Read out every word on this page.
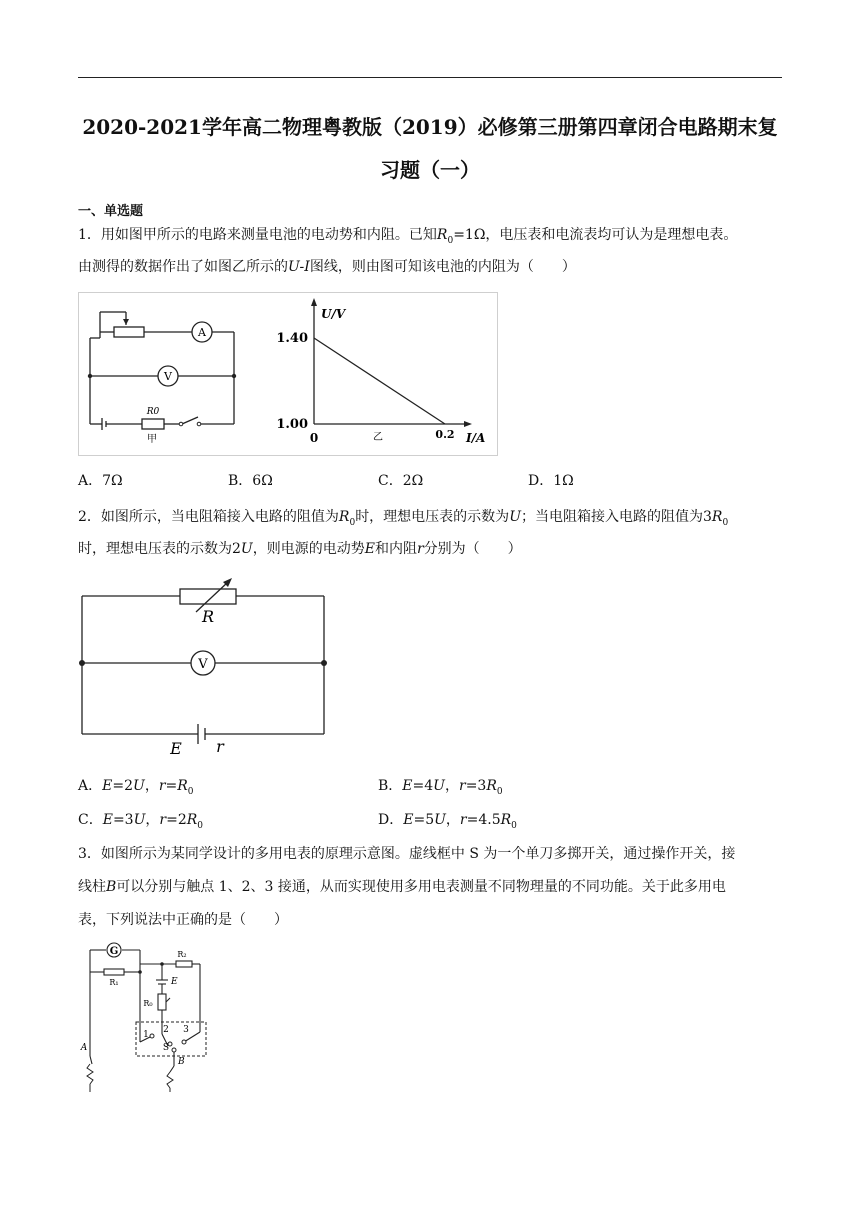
2020-2021学年高二物理粤教版（2019）必修第三册第四章闭合电路期末复
习题（一）
一、单选题
1．用如图甲所示的电路来测量电池的电动势和内阻。已知$R_0=1\Omega$，电压表和电流表均可认为是理想电表。
由测得的数据作出了如图乙所示的U-I图线，则由图可知该电池的内阻为（　　）
A
V
R0
甲
U/V
I/A
1.40
1.00
0	0.2
乙
A．7Ω	B．6Ω	C．2Ω	D．1Ω
2．如图所示，当电阻箱接入电路的阻值为$R_0$时，理想电压表的示数为U；当电阻箱接入电路的阻值为$3R_0$
时，理想电压表的示数为2U，则电源的电动势E和内阻r分别为（　　）
R
V
E r
A．E=2U，$r=R_0$	B．E=4U，$r=3R_0$
C．E=3U，$r=2R_0$	D．E=5U，$r=4.5R_0$
3．如图所示为某同学设计的多用电表的原理示意图。虚线框中 S 为一个单刀多掷开关，通过操作开关，接
线柱B可以分别与触点 1、2、3 接通，从而实现使用多用电表测量不同物理量的不同功能。关于此多用电
表，下列说法中正确的是（　　）
G
R₁
R₂
E
R₀
1 2 3
S
A
B
